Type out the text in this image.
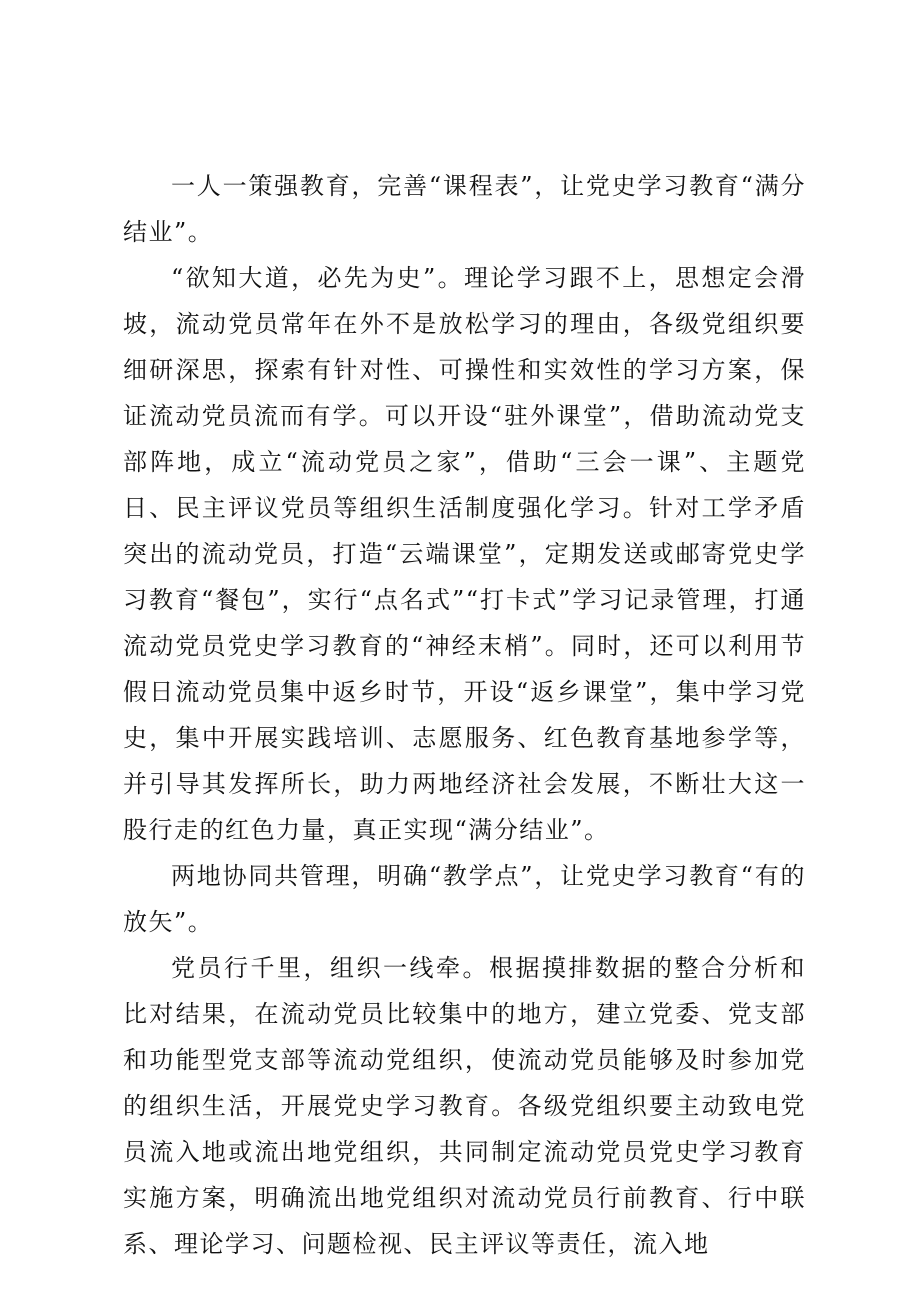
一人一策强教育，完善“课程表”，让党史学习教育“满分结业”。

“欲知大道，必先为史”。理论学习跟不上，思想定会滑坡，流动党员常年在外不是放松学习的理由，各级党组织要细研深思，探索有针对性、可操性和实效性的学习方案，保证流动党员流而有学。可以开设“驻外课堂”，借助流动党支部阵地，成立“流动党员之家”，借助“三会一课”、主题党日、民主评议党员等组织生活制度强化学习。针对工学矛盾突出的流动党员，打造“云端课堂”，定期发送或邮寄党史学习教育“餐包”，实行“点名式”“打卡式”学习记录管理，打通流动党员党史学习教育的“神经末梢”。同时，还可以利用节假日流动党员集中返乡时节，开设“返乡课堂”，集中学习党史，集中开展实践培训、志愿服务、红色教育基地参学等，并引导其发挥所长，助力两地经济社会发展，不断壮大这一股行走的红色力量，真正实现“满分结业”。

两地协同共管理，明确“教学点”，让党史学习教育“有的放矢”。

党员行千里，组织一线牵。根据摸排数据的整合分析和比对结果，在流动党员比较集中的地方，建立党委、党支部和功能型党支部等流动党组织，使流动党员能够及时参加党的组织生活，开展党史学习教育。各级党组织要主动致电党员流入地或流出地党组织，共同制定流动党员党史学习教育实施方案，明确流出地党组织对流动党员行前教育、行中联系、理论学习、问题检视、民主评议等责任，流入地
